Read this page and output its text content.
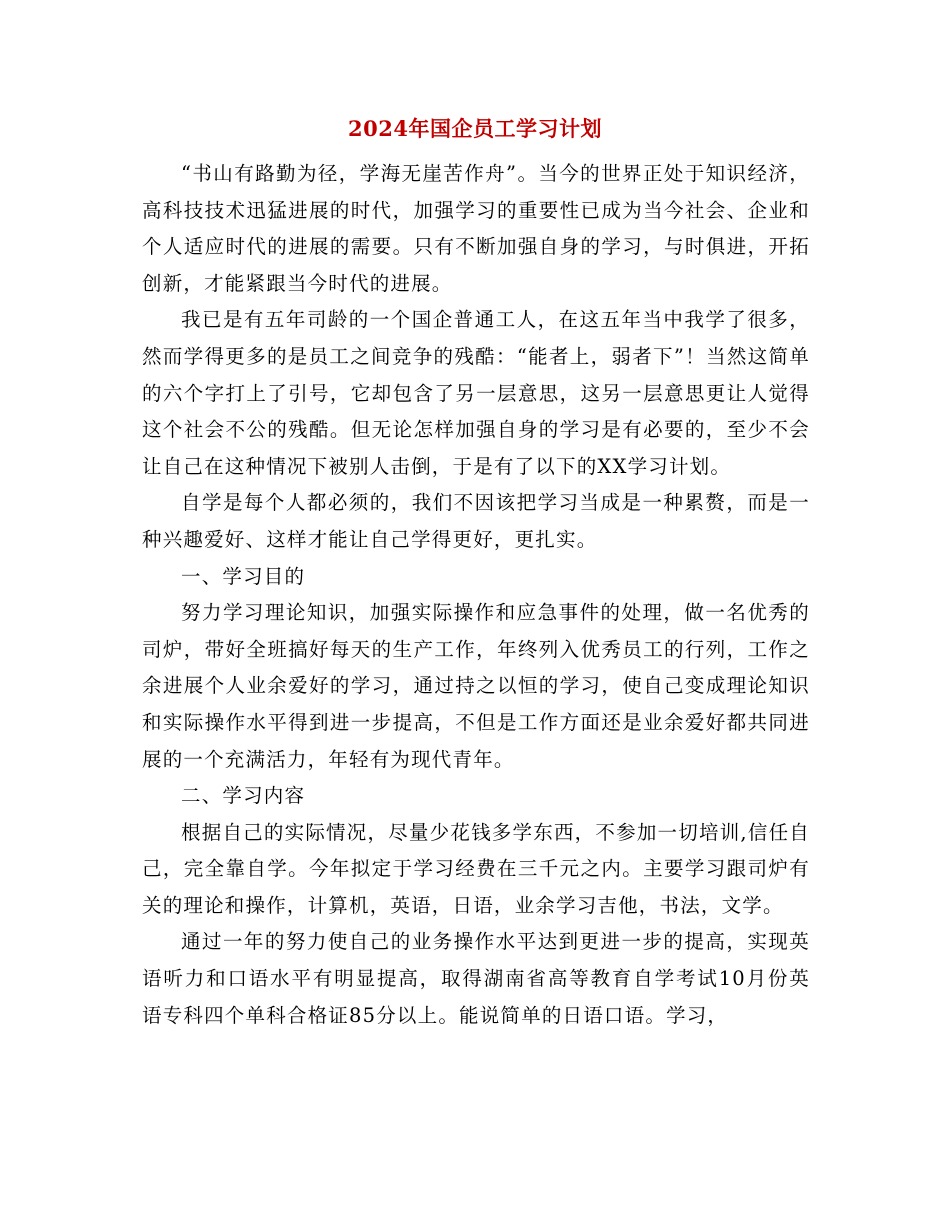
2024年国企员工学习计划

“书山有路勤为径，学海无崖苦作舟”。当今的世界正处于知识经济，高科技技术迅猛进展的时代，加强学习的重要性已成为当今社会、企业和个人适应时代的进展的需要。只有不断加强自身的学习，与时俱进，开拓创新，才能紧跟当今时代的进展。

我已是有五年司龄的一个国企普通工人，在这五年当中我学了很多，然而学得更多的是员工之间竞争的残酷：“能者上，弱者下”！当然这简单的六个字打上了引号，它却包含了另一层意思，这另一层意思更让人觉得这个社会不公的残酷。但无论怎样加强自身的学习是有必要的，至少不会让自己在这种情况下被别人击倒，于是有了以下的XX学习计划。

自学是每个人都必须的，我们不因该把学习当成是一种累赘，而是一种兴趣爱好、这样才能让自己学得更好，更扎实。

一、学习目的

努力学习理论知识，加强实际操作和应急事件的处理，做一名优秀的司炉，带好全班搞好每天的生产工作，年终列入优秀员工的行列，工作之余进展个人业余爱好的学习，通过持之以恒的学习，使自己变成理论知识和实际操作水平得到进一步提高，不但是工作方面还是业余爱好都共同进展的一个充满活力，年轻有为现代青年。

二、学习内容

根据自己的实际情况，尽量少花钱多学东西，不参加一切培训,信任自己，完全靠自学。今年拟定于学习经费在三千元之内。主要学习跟司炉有关的理论和操作，计算机，英语，日语，业余学习吉他，书法，文学。

通过一年的努力使自己的业务操作水平达到更进一步的提高，实现英语听力和口语水平有明显提高，取得湖南省高等教育自学考试10月份英语专科四个单科合格证85分以上。能说简单的日语口语。学习，
